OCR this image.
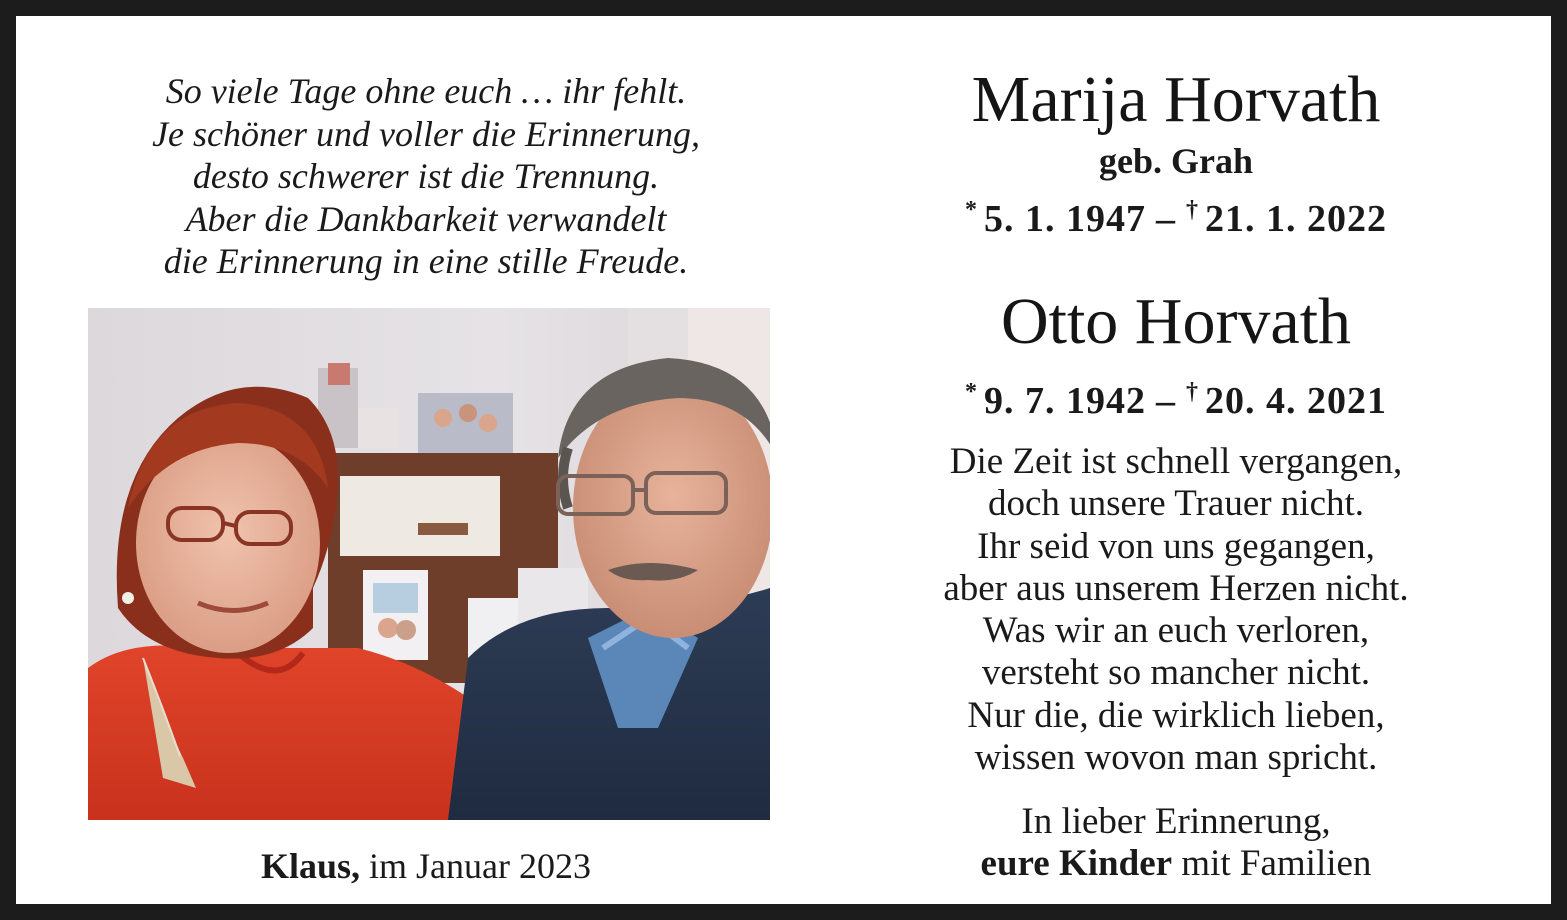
So viele Tage ohne euch … ihr fehlt.
Je schöner und voller die Erinnerung,
desto schwerer ist die Trennung.
Aber die Dankbarkeit verwandelt
die Erinnerung in eine stille Freude.
Klaus, im Januar 2023
Marija Horvath
geb. Grah
* 5. 1. 1947 – † 21. 1. 2022
Otto Horvath
* 9. 7. 1942 – † 20. 4. 2021
Die Zeit ist schnell vergangen,
doch unsere Trauer nicht.
Ihr seid von uns gegangen,
aber aus unserem Herzen nicht.
Was wir an euch verloren,
versteht so mancher nicht.
Nur die, die wirklich lieben,
wissen wovon man spricht.
In lieber Erinnerung,
eure Kinder mit Familien
